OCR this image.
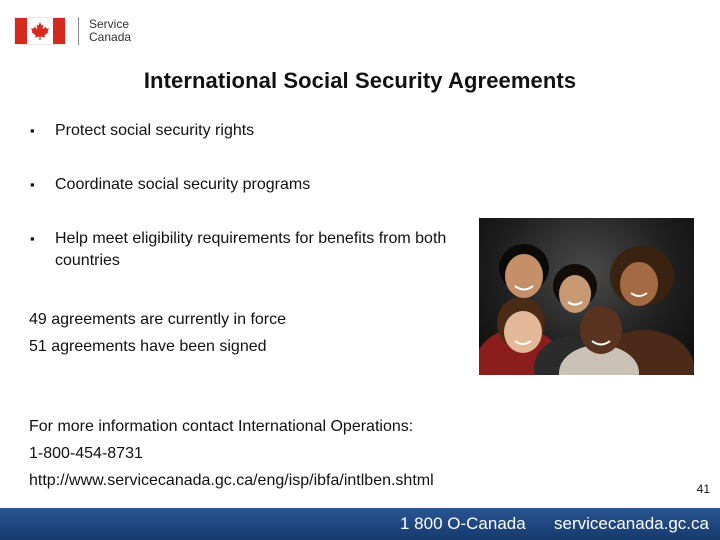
Service
Canada
International Social Security Agreements
▪ Protect social security rights
▪ Coordinate social security programs
▪ Help meet eligibility requirements for benefits from both countries
49 agreements are currently in force
51 agreements have been signed
For more information contact International Operations:
1-800-454-8731
http://www.servicecanada.gc.ca/eng/isp/ibfa/intlben.shtml	41
1 800 O-Canada servicecanada.gc.ca
